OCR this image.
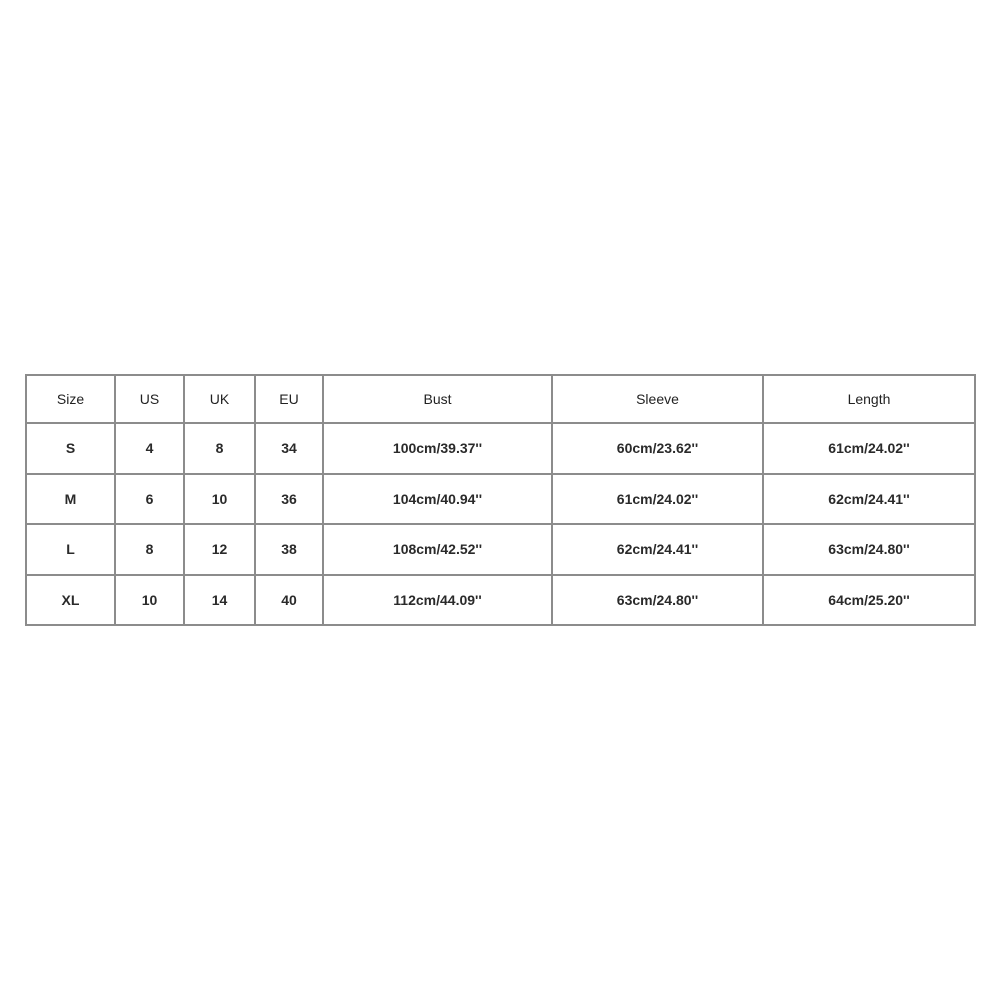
Size	US	UK	EU	Bust	Sleeve	Length
S	4	8	34	100cm/39.37''	60cm/23.62''	61cm/24.02''
M	6	10	36	104cm/40.94''	61cm/24.02''	62cm/24.41''
L	8	12	38	108cm/42.52''	62cm/24.41''	63cm/24.80''
XL	10	14	40	112cm/44.09''	63cm/24.80''	64cm/25.20''
